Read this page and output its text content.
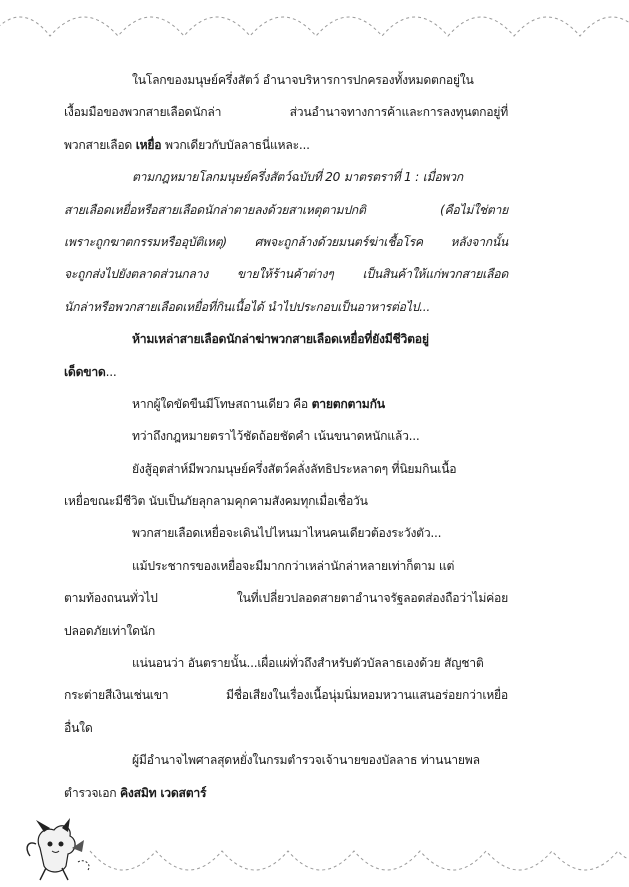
ในโลกของมนุษย์ครึ่งสัตว์ อำนาจบริหารการปกครองทั้งหมดตกอยู่ใน
เงื้อมมือของพวกสายเลือดนักล่า ส่วนอำนาจทางการค้าและการลงทุนตกอยู่ที่
พวกสายเลือด เหยื่อ พวกเดียวกับบัลลาธนี่แหละ...
ตามกฎหมายโลกมนุษย์ครึ่งสัตว์ฉบับที่ 20 มาตรตราที่ 1 : เมื่อพวก
สายเลือดเหยื่อหรือสายเลือดนักล่าตายลงด้วยสาเหตุตามปกติ (คือไม่ใช่ตาย
เพราะถูกฆาตกรรมหรืออุบัติเหตุ) ศพจะถูกล้างด้วยมนตร์ฆ่าเชื้อโรค หลังจากนั้น
จะถูกส่งไปยังตลาดส่วนกลาง ขายให้ร้านค้าต่างๆ เป็นสินค้าให้แก่พวกสายเลือด
นักล่าหรือพวกสายเลือดเหยื่อที่กินเนื้อได้ นำไปประกอบเป็นอาหารต่อไป...
ห้ามเหล่าสายเลือดนักล่าฆ่าพวกสายเลือดเหยื่อที่ยังมีชีวิตอยู่
เด็ดขาด...
หากผู้ใดขัดขืนมีโทษสถานเดียว คือ ตายตกตามกัน
ทว่าถึงกฎหมายตราไว้ชัดถ้อยชัดคำ เน้นขนาดหนักแล้ว...
ยังสู้อุตส่าห์มีพวกมนุษย์ครึ่งสัตว์คลั่งลัทธิประหลาดๆ ที่นิยมกินเนื้อ
เหยื่อขณะมีชีวิต นับเป็นภัยลุกลามคุกคามสังคมทุกเมื่อเชื่อวัน
พวกสายเลือดเหยื่อจะเดินไปไหนมาไหนคนเดียวต้องระวังตัว...
แม้ประชากรของเหยื่อจะมีมากกว่าเหล่านักล่าหลายเท่าก็ตาม แต่
ตามท้องถนนทั่วไป ในที่เปลี่ยวปลอดสายตาอำนาจรัฐลอดส่องถือว่าไม่ค่อย
ปลอดภัยเท่าใดนัก
แน่นอนว่า อันตรายนั้น...เผื่อแผ่ทั่วถึงสำหรับตัวบัลลาธเองด้วย สัญชาติ
กระต่ายสีเงินเช่นเขา มีชื่อเสียงในเรื่องเนื้อนุ่มนิ่มหอมหวานแสนอร่อยกว่าเหยื่อ
อื่นใด
ผู้มีอำนาจไพศาลสุดหยั่งในกรมตำรวจเจ้านายของบัลลาธ ท่านนายพล
ตำรวจเอก คิงสมิท เวดสตาร์
